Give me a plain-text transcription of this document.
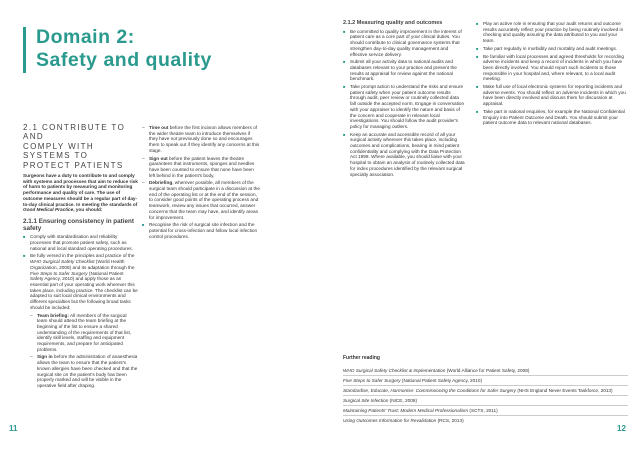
Domain 2:
Safety and quality
2.1 CONTRIBUTE TO AND
COMPLY WITH SYSTEMS TO
PROTECT PATIENTS

Surgeons have a duty to contribute to and comply with systems and processes that aim to reduce risk of harm to patients by measuring and monitoring performance and quality of care. The use of outcome measures should be a regular part of day-to-day clinical practice. In meeting the standards of Good Medical Practice, you should:

2.1.1 Ensuring consistency in patient safety

■ Comply with standardisation and reliability processes that promote patient safety, such as national and local standard operating procedures.
■ Be fully versed in the principles and practice of the WHO Surgical Safety Checklist (World Health Organization, 2008) and its adaptation through the Five Steps to Safer Surgery (National Patient Safety Agency, 2010) and apply those as an essential part of your operating work wherever this takes place, including practice. The checklist can be adapted to suit local clinical environments and different specialties but the following broad tasks should be included:
– Team briefing: All members of the surgical team should attend the team briefing at the beginning of the list to ensure a shared understanding of the requirements of that list, identify skill levels, staffing and equipment requirements, and prepare for anticipated problems.
– Sign in before the administration of anaesthesia allows the team to ensure that the patient's known allergies have been checked and that the surgical site on the patient's body has been properly marked and will be visible in the operative field after draping.
– Time out before the first incision allows members of the wider theatre team to introduce themselves if they have not previously done so and encourages them to speak out if they identify any concerns at this stage.
– Sign out before the patient leaves the theatre guarantees that instruments, sponges and needles have been counted to ensure that none have been left behind in the patient's body.
– Debriefing, wherever possible, all members of the surgical team should participate in a discussion at the end of the operating list or at the end of the session, to consider good points of the operating process and teamwork, review any issues that occurred, answer concerns that the team may have, and identify areas for improvement.
■ Recognise the risk of surgical site infection and the potential for cross-infection and follow local infection control procedures.
11	12

2.1.2 Measuring quality and outcomes

■ Be committed to quality improvement in the interest of patient care as a core part of your clinical duties. You should contribute to clinical governance systems that strengthen day-to-day quality management and effective service delivery.
■ Submit all your activity data to national audits and databases relevant to your practice and present the results at appraisal for review against the national benchmark.
■ Take prompt action to understand the risks and ensure patient safety when your patient outcome results through audit, peer review or routinely collected data fall outside the accepted norm. Engage in conversation with your appraiser to identify the nature and basis of the concern and cooperate in relevant local investigations. You should follow the audit provider's policy for managing outliers.
■ Keep an accurate and accessible record of all your surgical activity wherever this takes place, including outcomes and complications, bearing in mind patient confidentiality and complying with the Data Protection Act 1998. Where available, you should liaise with your hospital to obtain an analysis of routinely collected data for index procedures identified by the relevant surgical specialty association.
■ Play an active role in ensuring that your audit returns and outcome results accurately reflect your practice by being routinely involved in checking and quality assuring the data attributed to you and your team.
■ Take part regularly in morbidity and mortality and audit meetings.
■ Be familiar with local processes and agreed thresholds for recording adverse incidents and keep a record of incidents in which you have been directly involved. You should report such incidents to those responsible in your hospital and, where relevant, to a local audit meeting.
■ Make full use of local electronic systems for reporting incidents and adverse events. You should reflect on adverse incidents in which you have been directly involved and discuss them for discussion at appraisal.
■ Take part in national enquiries, for example the National Confidential Enquiry into Patient Outcome and Death. You should submit your patient outcome data to relevant national databases.
Further reading
WHO Surgical Safety Checklist & Implementation (World Alliance for Patient Safety, 2008)
Five Steps to Safer Surgery (National Patient Safety Agency, 2010)
Standardise, Educate, Harmonise: Commissioning the Conditions for Safer Surgery (NHS England Never Events Taskforce, 2013)
Surgical Site Infection (NICE, 2008)
Maintaining Patients' Trust: Modern Medical Professionalism (SCTS, 2011)
Using Outcomes Information for Revalidation (RCS, 2013)
